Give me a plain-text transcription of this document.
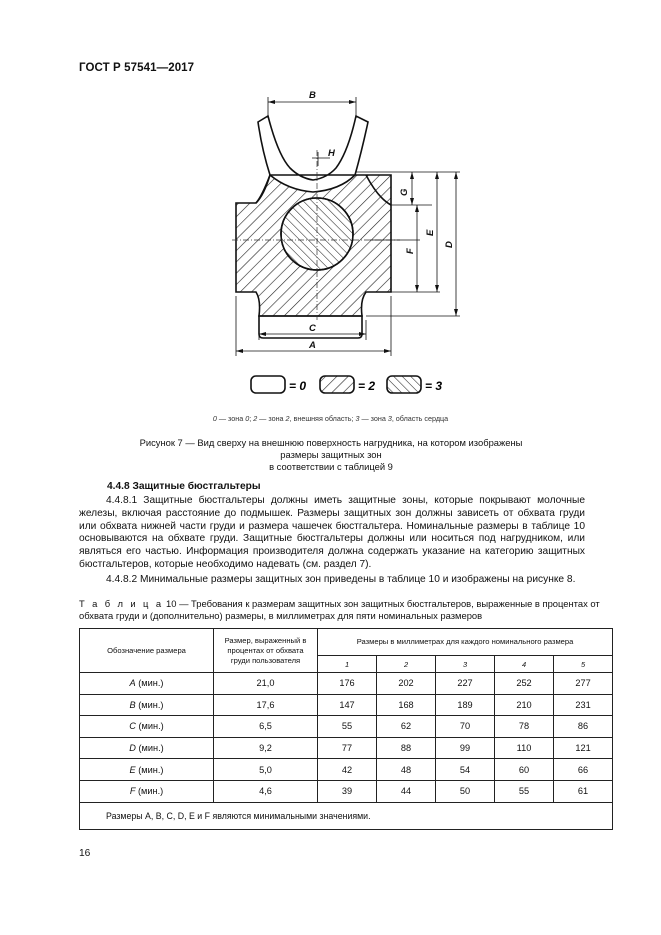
ГОСТ Р 57541—2017
B
H
C
A
G
F
E
D
= 0	= 2	= 3
0 — зона 0; 2 — зона 2, внешняя область; 3 — зона 3, область сердца
Рисунок 7 — Вид сверху на внешнюю поверхность нагрудника, на котором изображены размеры защитных зон
в соответствии с таблицей 9
4.4.8 Защитные бюстгальтеры
4.4.8.1 Защитные бюстгальтеры должны иметь защитные зоны, которые покрывают молочные железы, включая расстояние до подмышек. Размеры защитных зон должны зависеть от обхвата груди или обхвата нижней части груди и размера чашечек бюстгальтера. Номинальные размеры в таблице 10 основываются на обхвате груди. Защитные бюстгальтеры должны или носиться под нагрудником, или являться его частью. Информация производителя должна содержать указание на категорию защитных бюстгальтеров, которые необходимо надевать (см. раздел 7).
4.4.8.2 Минимальные размеры защитных зон приведены в таблице 10 и изображены на рисунке 8.
Т а б л и ц а 10 — Требования к размерам защитных зон защитных бюстгальтеров, выраженные в процентах от обхвата груди и (дополнительно) размеры, в миллиметрах для пяти номинальных размеров
Обозначение размера	Размер, выраженный в процентах от обхвата груди пользователя	Размеры в миллиметрах для каждого номинального размера				
		1	2	3	4	5
A (мин.)	21,0	176	202	227	252	277
B (мин.)	17,6	147	168	189	210	231
C (мин.)	6,5	55	62	70	78	86
D (мин.)	9,2	77	88	99	110	121
E (мин.)	5,0	42	48	54	60	66
F (мин.)	4,6	39	44	50	55	61
Размеры A, B, C, D, E и F являются минимальными значениями.						
16
